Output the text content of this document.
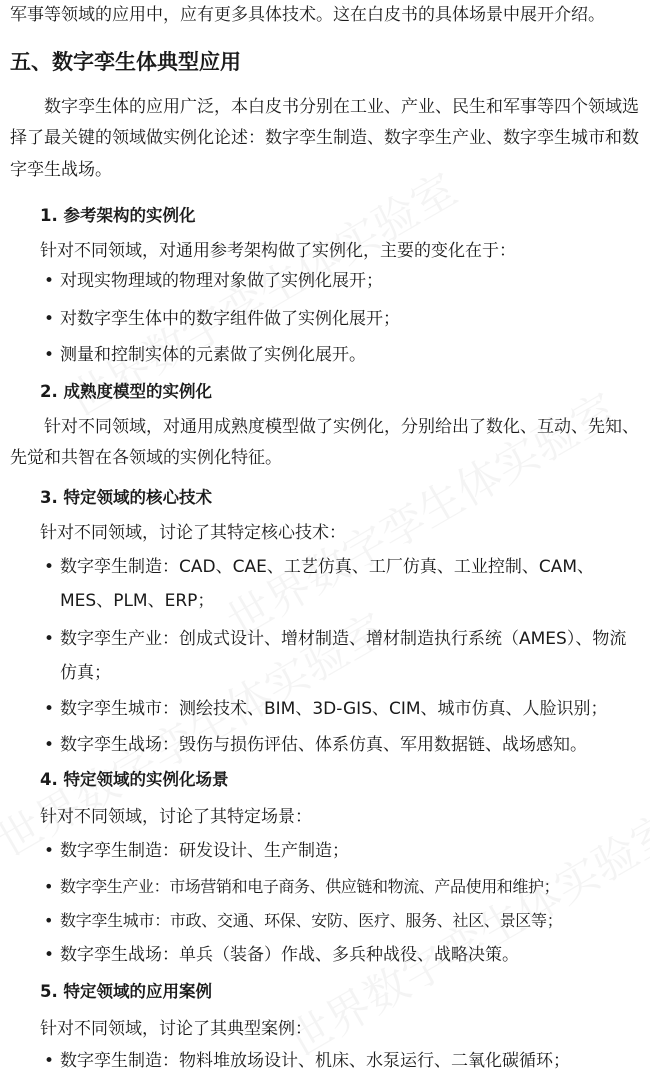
军事等领域的应用中，应有更多具体技术。这在白皮书的具体场景中展开介绍。

五、数字孪生体典型应用

数字孪生体的应用广泛，本白皮书分别在工业、产业、民生和军事等四个领域选择了最关键的领域做实例化论述：数字孪生制造、数字孪生产业、数字孪生城市和数字孪生战场。

1. 参考架构的实例化

针对不同领域，对通用参考架构做了实例化，主要的变化在于：

• 对现实物理域的物理对象做了实例化展开；

• 对数字孪生体中的数字组件做了实例化展开；

• 测量和控制实体的元素做了实例化展开。

2. 成熟度模型的实例化

针对不同领域，对通用成熟度模型做了实例化，分别给出了数化、互动、先知、先觉和共智在各领域的实例化特征。

3. 特定领域的核心技术

针对不同领域，讨论了其特定核心技术：

• 数字孪生制造：CAD、CAE、工艺仿真、工厂仿真、工业控制、CAM、MES、PLM、ERP；

• 数字孪生产业：创成式设计、增材制造、增材制造执行系统（AMES）、物流仿真；

• 数字孪生城市：测绘技术、BIM、3D-GIS、CIM、城市仿真、人脸识别；

• 数字孪生战场：毁伤与损伤评估、体系仿真、军用数据链、战场感知。

4. 特定领域的实例化场景

针对不同领域，讨论了其特定场景：

• 数字孪生制造：研发设计、生产制造；

• 数字孪生产业：市场营销和电子商务、供应链和物流、产品使用和维护；

• 数字孪生城市：市政、交通、环保、安防、医疗、服务、社区、景区等；

• 数字孪生战场：单兵（装备）作战、多兵种战役、战略决策。

5. 特定领域的应用案例

针对不同领域，讨论了其典型案例：

• 数字孪生制造：物料堆放场设计、机床、水泵运行、二氧化碳循环；
